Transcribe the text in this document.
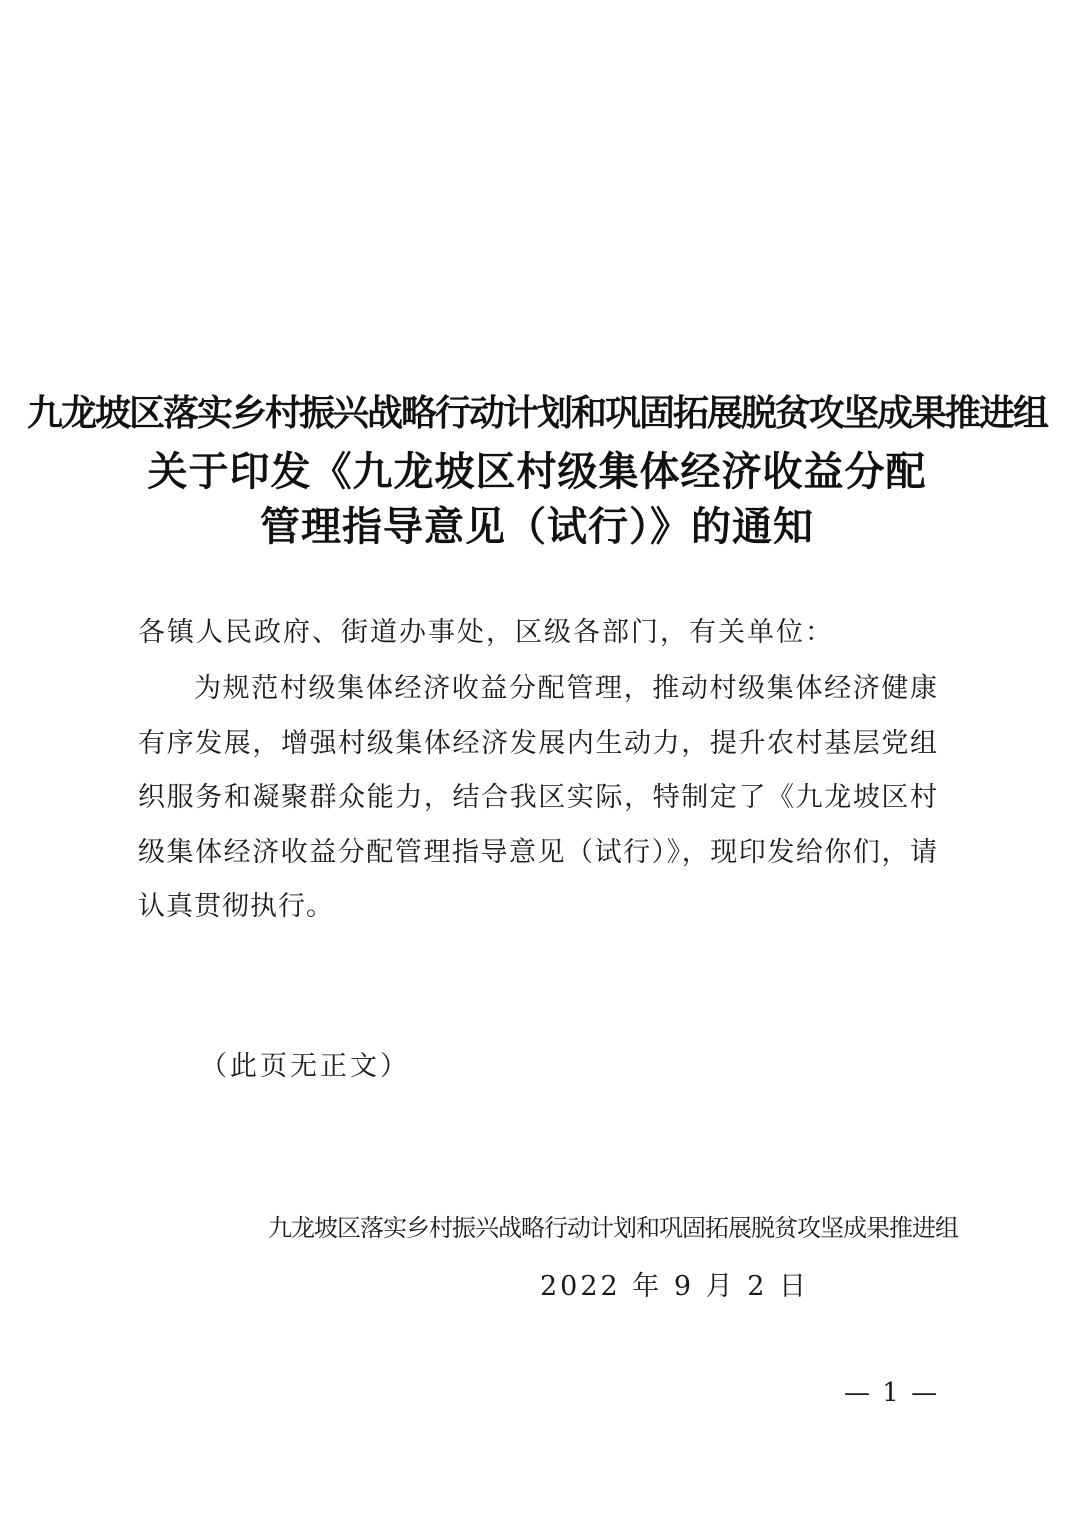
九龙坡区落实乡村振兴战略行动计划和巩固拓展脱贫攻坚成果推进组
关于印发《九龙坡区村级集体经济收益分配
管理指导意见（试行）》的通知
各镇人民政府、街道办事处，区级各部门，有关单位：
为规范村级集体经济收益分配管理，推动村级集体经济健康有序发展，增强村级集体经济发展内生动力，提升农村基层党组织服务和凝聚群众能力，结合我区实际，特制定了《九龙坡区村级集体经济收益分配管理指导意见（试行）》，现印发给你们，请认真贯彻执行。
（此页无正文）
九龙坡区落实乡村振兴战略行动计划和巩固拓展脱贫攻坚成果推进组
2022 年 9 月 2 日
— 1 —
